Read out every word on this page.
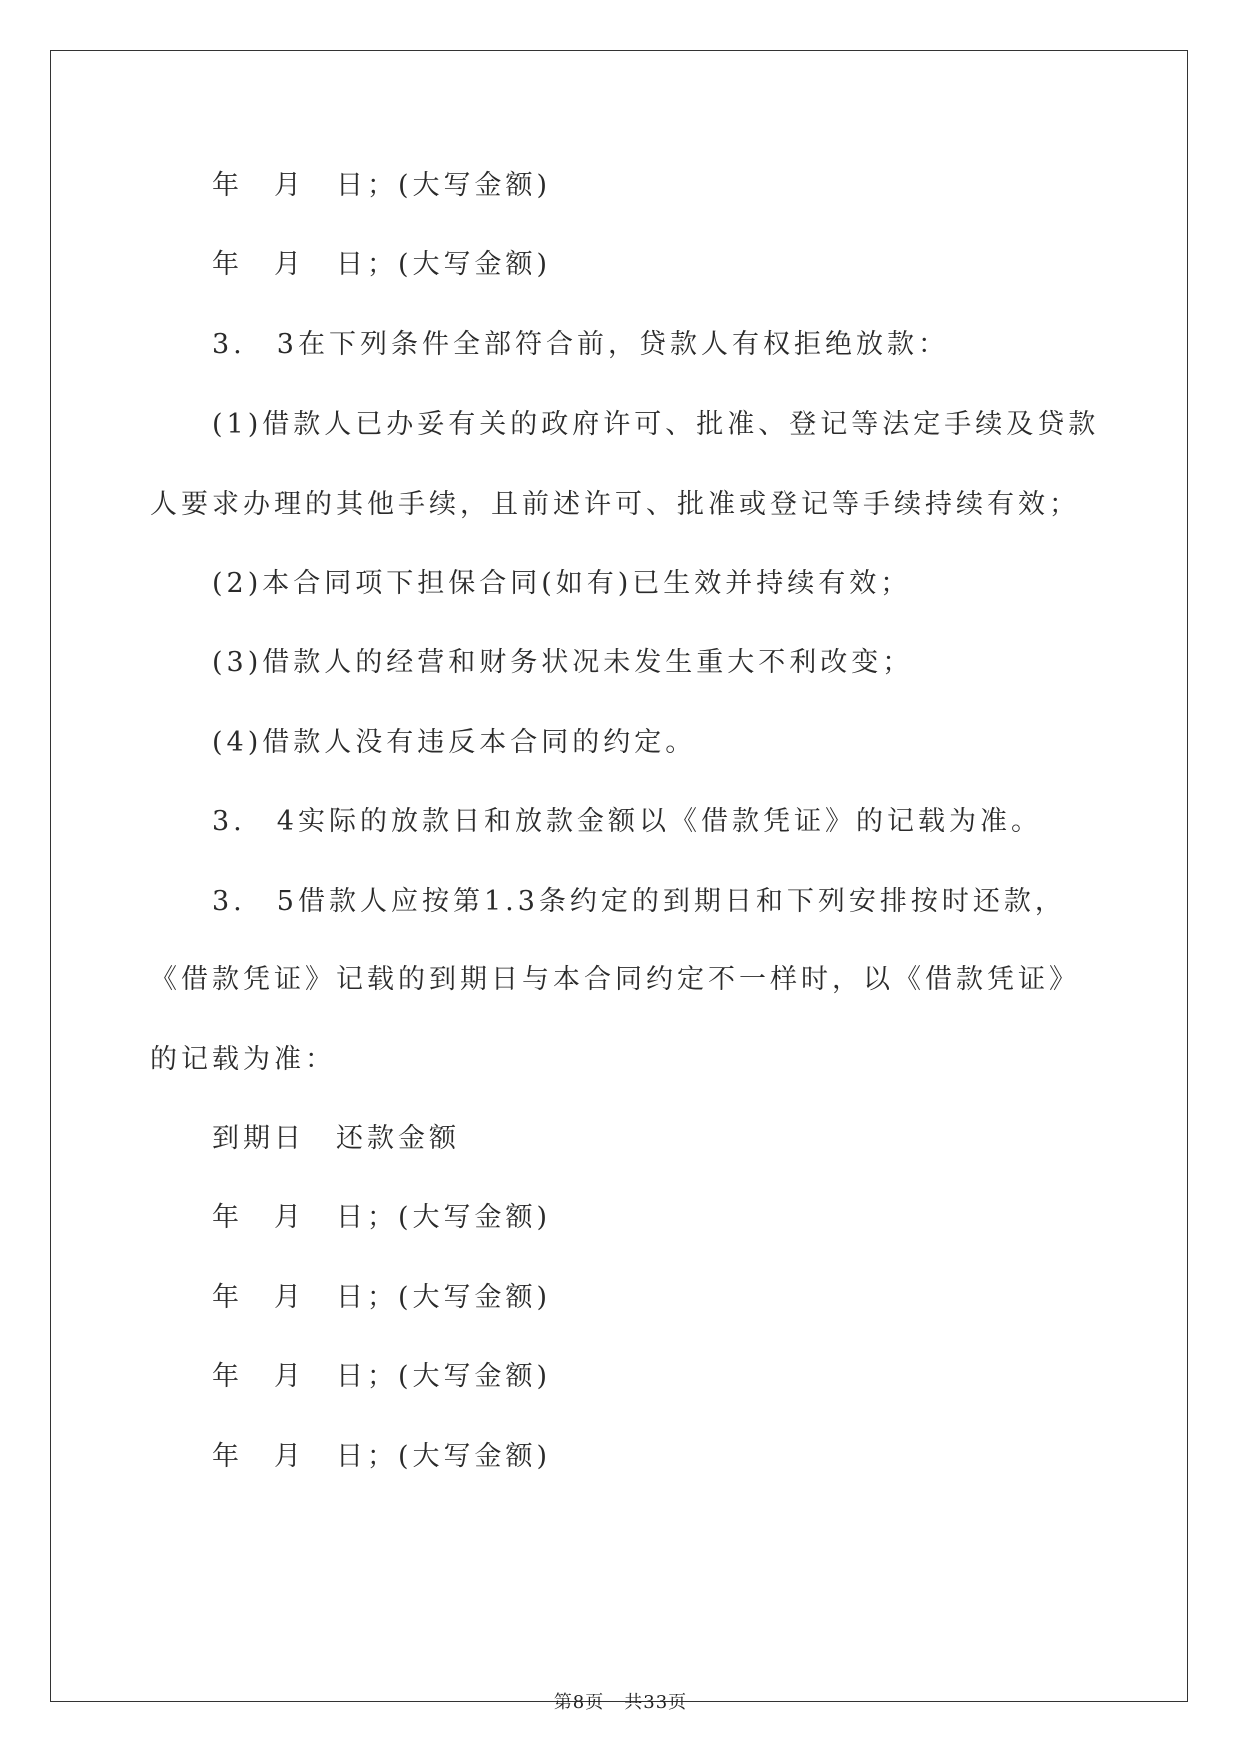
年　月　日；(大写金额)
年　月　日；(大写金额)
3.　3在下列条件全部符合前，贷款人有权拒绝放款：
(1)借款人已办妥有关的政府许可、批准、登记等法定手续及贷款
人要求办理的其他手续，且前述许可、批准或登记等手续持续有效；
(2)本合同项下担保合同(如有)已生效并持续有效；
(3)借款人的经营和财务状况未发生重大不利改变；
(4)借款人没有违反本合同的约定。
3.　4实际的放款日和放款金额以《借款凭证》的记载为准。
3.　5借款人应按第1.3条约定的到期日和下列安排按时还款，
《借款凭证》记载的到期日与本合同约定不一样时，以《借款凭证》
的记载为准：
到期日　还款金额
年　月　日；(大写金额)
年　月　日；(大写金额)
年　月　日；(大写金额)
年　月　日；(大写金额)
第8页 共33页
